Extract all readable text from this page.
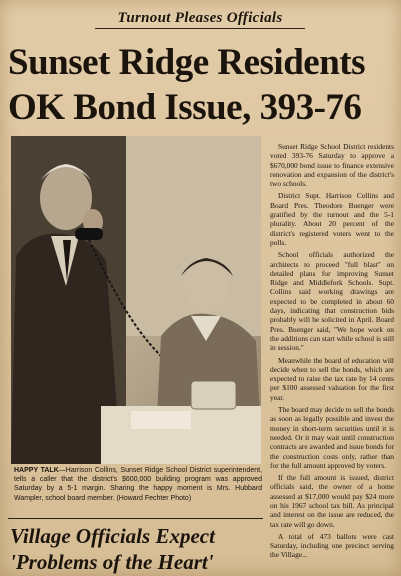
Turnout Pleases Officials
Sunset Ridge Residents
OK Bond Issue, 393-76
HAPPY TALK—Harrison Collins, Sunset Ridge School District superintendent, tells a caller that the district's $600,000 building program was approved Saturday by a 5-1 margin. Sharing the happy moment is Mrs. Hubbard Wampler, school board member. (Howard Fechter Photo)

Sunset Ridge School District residents voted 393-76 Saturday to approve a $670,000 bond issue to finance extensive renovation and expansion of the district's two schools.

District Supt. Harrison Collins and Board Pres. Theodore Buenger were gratified by the turnout and the 5-1 plurality. About 20 percent of the district's registered voters went to the polls.

School officials authorized the architects to proceed "full blast" on detailed plans for improving Sunset Ridge and Middlefork Schools. Supt. Collins said working drawings are expected to be completed in about 60 days, indicating that construction bids probably will be solicited in April. Board Pres. Buenger said, "We hope work on the additions can start while school is still in session."

Meanwhile the board of education will decide when to sell the bonds, which are expected to raise the tax rate by 14 cents per $100 assessed valuation for the first year.

The board may decide to sell the bonds as soon as legally possible and invest the money in short-term securities until it is needed. Or it may wait until construction contracts are awarded and issue bonds for the construction costs only, rather than for the full amount approved by voters.

If the full amount is issued, district officials said, the owner of a home assessed at $17,000 would pay $24 more on his 1967 school tax bill. As principal and interest on the issue are reduced, the tax rate will go down.

A total of 473 ballots were cast Saturday, including one precinct serving the Village...

Village Officials Expect
'Problems of the Heart'
